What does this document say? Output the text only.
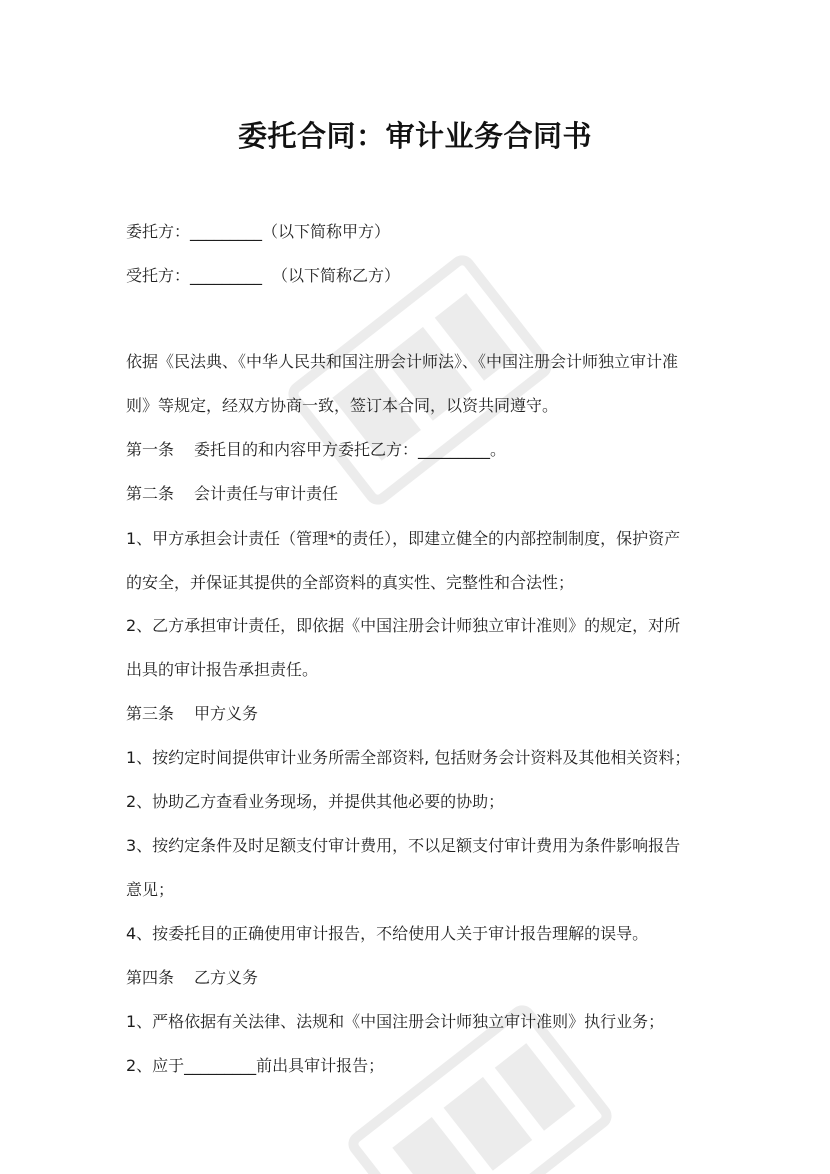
委托合同：审计业务合同书

委托方：_________（以下简称甲方）

受托方：_________ （以下简称乙方）

依据《民法典、《中华人民共和国注册会计师法》、《中国注册会计师独立审计准

则》等规定，经双方协商一致，签订本合同，以资共同遵守。

第一条 委托目的和内容甲方委托乙方：_________。

第二条 会计责任与审计责任

1、甲方承担会计责任（管理*的责任），即建立健全的内部控制制度，保护资产

的安全，并保证其提供的全部资料的真实性、完整性和合法性；

2、乙方承担审计责任，即依据《中国注册会计师独立审计准则》的规定，对所

出具的审计报告承担责任。

第三条 甲方义务

1、按约定时间提供审计业务所需全部资料, 包括财务会计资料及其他相关资料；

2、协助乙方查看业务现场，并提供其他必要的协助；

3、按约定条件及时足额支付审计费用，不以足额支付审计费用为条件影响报告

意见；

4、按委托目的正确使用审计报告，不给使用人关于审计报告理解的误导。

第四条 乙方义务

1、严格依据有关法律、法规和《中国注册会计师独立审计准则》执行业务；

2、应于_________前出具审计报告；
